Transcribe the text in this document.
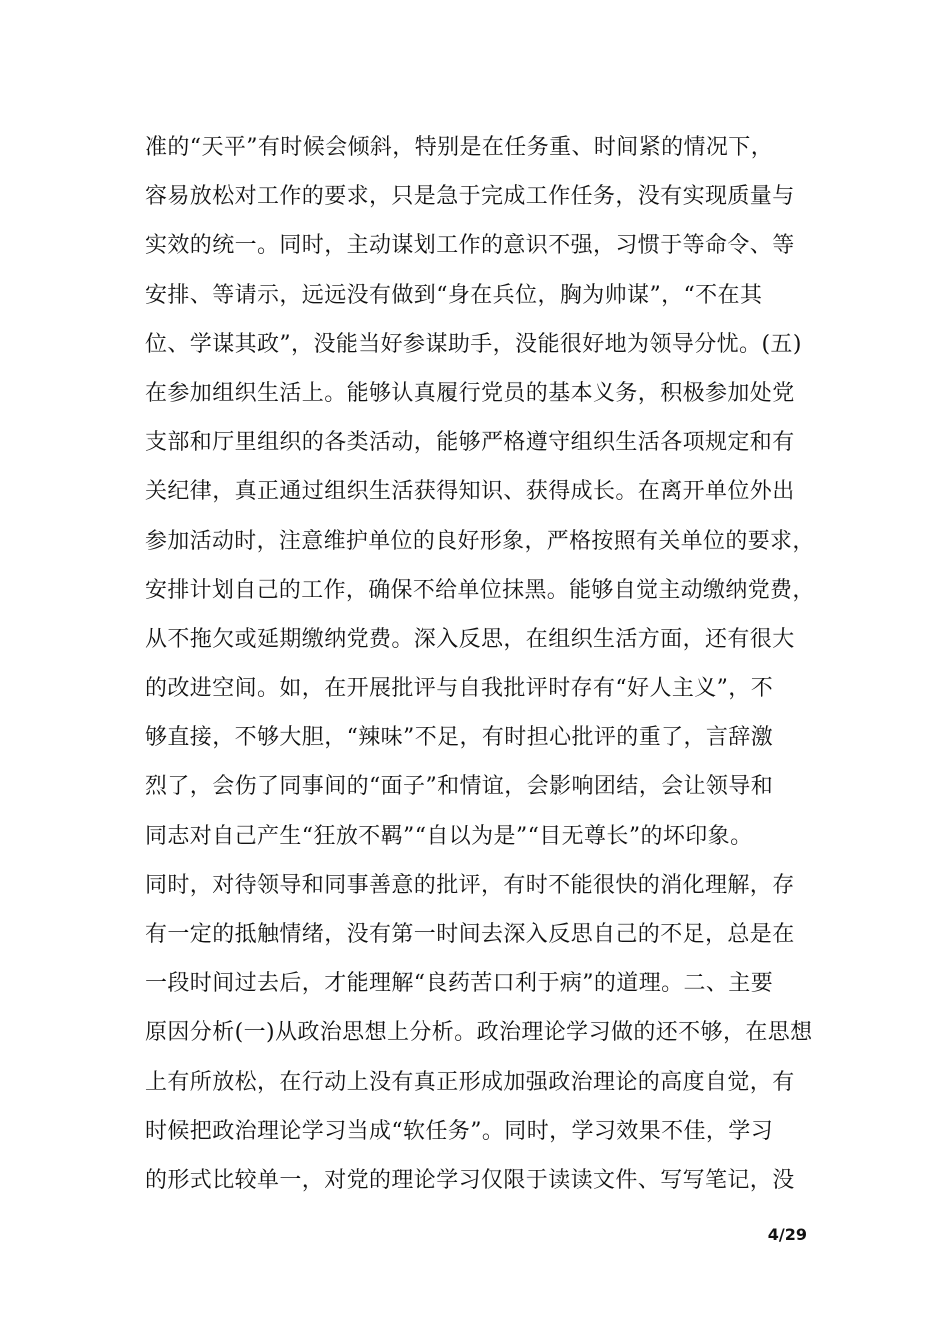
准的“天平”有时候会倾斜，特别是在任务重、时间紧的情况下，
容易放松对工作的要求，只是急于完成工作任务，没有实现质量与
实效的统一。同时，主动谋划工作的意识不强，习惯于等命令、等
安排、等请示，远远没有做到“身在兵位，胸为帅谋”，“不在其
位、学谋其政”，没能当好参谋助手，没能很好地为领导分忧。(五)
在参加组织生活上。能够认真履行党员的基本义务，积极参加处党
支部和厅里组织的各类活动，能够严格遵守组织生活各项规定和有
关纪律，真正通过组织生活获得知识、获得成长。在离开单位外出
参加活动时，注意维护单位的良好形象，严格按照有关单位的要求，
安排计划自己的工作，确保不给单位抹黑。能够自觉主动缴纳党费，
从不拖欠或延期缴纳党费。深入反思，在组织生活方面，还有很大
的改进空间。如，在开展批评与自我批评时存有“好人主义”，不
够直接，不够大胆，“辣味”不足，有时担心批评的重了，言辞激
烈了，会伤了同事间的“面子”和情谊，会影响团结，会让领导和
同志对自己产生“狂放不羁”“自以为是”“目无尊长”的坏印象。
同时，对待领导和同事善意的批评，有时不能很快的消化理解，存
有一定的抵触情绪，没有第一时间去深入反思自己的不足，总是在
一段时间过去后，才能理解“良药苦口利于病”的道理。二、主要
原因分析(一)从政治思想上分析。政治理论学习做的还不够，在思想
上有所放松，在行动上没有真正形成加强政治理论的高度自觉，有
时候把政治理论学习当成“软任务”。同时，学习效果不佳，学习
的形式比较单一，对党的理论学习仅限于读读文件、写写笔记，没
4/29
